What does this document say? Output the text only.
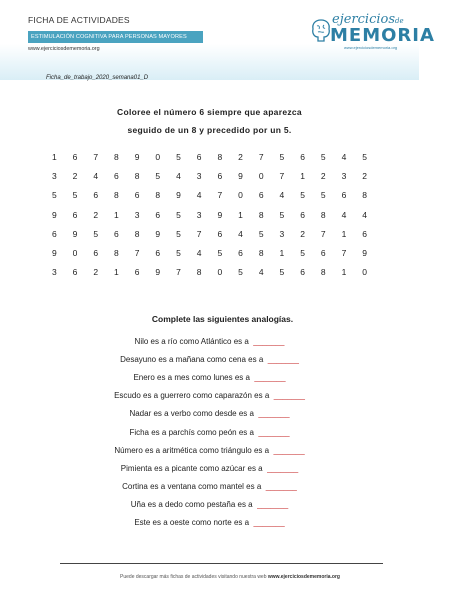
FICHA DE ACTIVIDADES
ESTIMULACIÓN COGNITIVA PARA PERSONAS MAYORES
www.ejerciciosdememoria.org
ejerciciosde
MEMORIA
www.ejerciciosdememoria.org
Ficha_de_trabajo_2020_semana01_D
Coloree el número 6 siempre que aparezca
seguido de un 8 y precedido por un 5.
1	6	7	8	9	0	5	6	8	2	7	5	6	5	4	5
3	2	4	6	8	5	4	3	6	9	0	7	1	2	3	2
5	5	6	8	6	8	9	4	7	0	6	4	5	5	6	8
9	6	2	1	3	6	5	3	9	1	8	5	6	8	4	4
6	9	5	6	8	9	5	7	6	4	5	3	2	7	1	6
9	0	6	8	7	6	5	4	5	6	8	1	5	6	7	9
3	6	2	1	6	9	7	8	0	5	4	5	6	8	1	0
Complete las siguientes analogías.
Nilo es a río como Atlántico es a _______
Desayuno es a mañana como cena es a _______
Enero es a mes como lunes es a _______
Escudo es a guerrero como caparazón es a _______
Nadar es a verbo como desde es a _______
Ficha es a parchís como peón es a _______
Número es a aritmética como triángulo es a _______
Pimienta es a picante como azúcar es a _______
Cortina es a ventana como mantel es a _______
Uña es a dedo como pestaña es a _______
Este es a oeste como norte es a _______
Puede descargar más fichas de actividades visitando nuestra web www.ejerciciosdememoria.org
